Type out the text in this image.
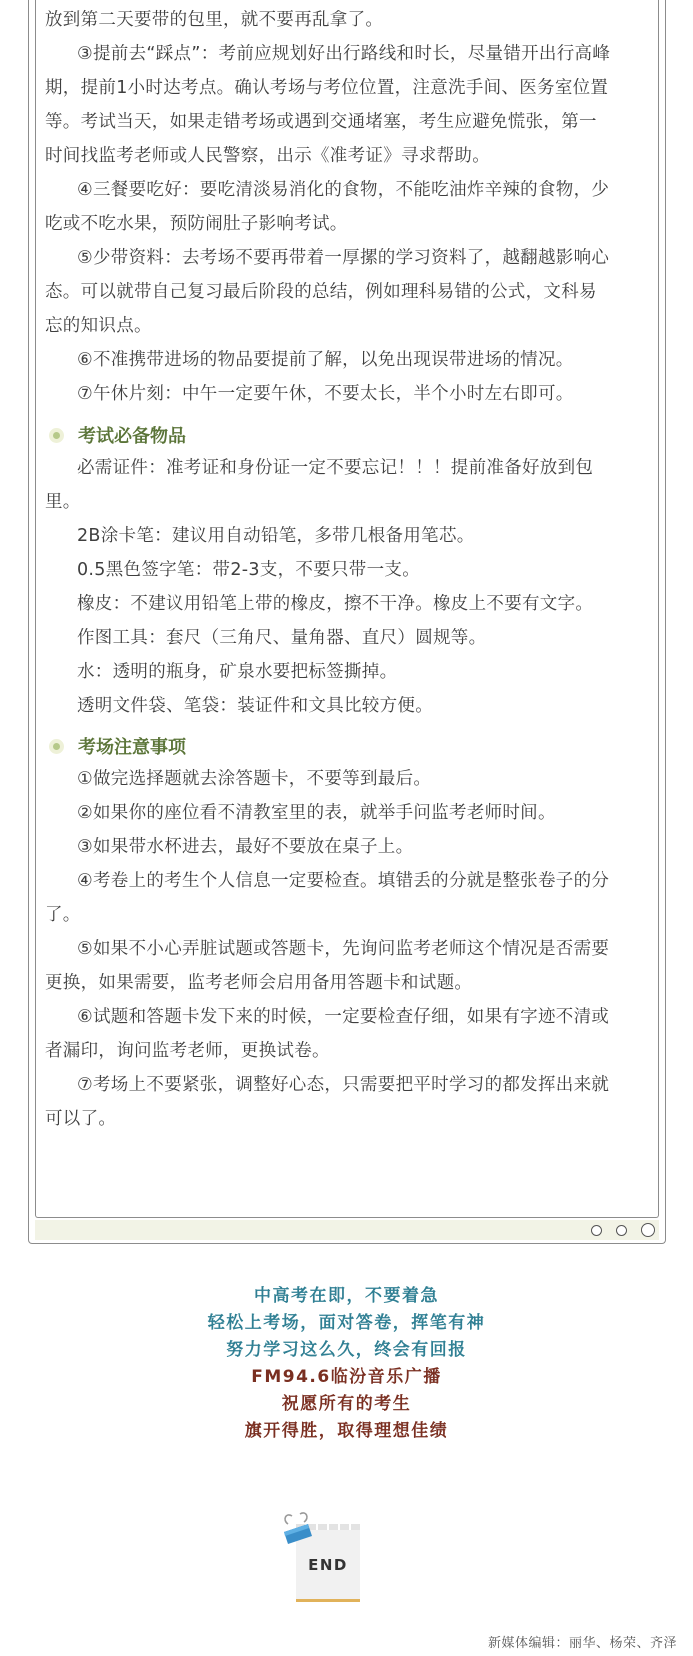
放到第二天要带的包里，就不要再乱拿了。

③提前去“踩点”：考前应规划好出行路线和时长，尽量错开出行高峰

期，提前1小时达考点。确认考场与考位位置，注意洗手间、医务室位置

等。考试当天，如果走错考场或遇到交通堵塞，考生应避免慌张，第一

时间找监考老师或人民警察，出示《准考证》寻求帮助。

④三餐要吃好：要吃清淡易消化的食物，不能吃油炸辛辣的食物，少

吃或不吃水果，预防闹肚子影响考试。

⑤少带资料：去考场不要再带着一厚摞的学习资料了，越翻越影响心

态。可以就带自己复习最后阶段的总结，例如理科易错的公式，文科易

忘的知识点。

⑥不准携带进场的物品要提前了解，以免出现误带进场的情况。

⑦午休片刻：中午一定要午休，不要太长，半个小时左右即可。

考试必备物品

必需证件：准考证和身份证一定不要忘记！！！提前准备好放到包

里。

2B涂卡笔：建议用自动铅笔，多带几根备用笔芯。

0.5黑色签字笔：带2-3支，不要只带一支。

橡皮：不建议用铅笔上带的橡皮，擦不干净。橡皮上不要有文字。

作图工具：套尺（三角尺、量角器、直尺）圆规等。

水：透明的瓶身，矿泉水要把标签撕掉。

透明文件袋、笔袋：装证件和文具比较方便。

考场注意事项

①做完选择题就去涂答题卡，不要等到最后。

②如果你的座位看不清教室里的表，就举手问监考老师时间。

③如果带水杯进去，最好不要放在桌子上。

④考卷上的考生个人信息一定要检查。填错丢的分就是整张卷子的分

了。

⑤如果不小心弄脏试题或答题卡，先询问监考老师这个情况是否需要

更换，如果需要，监考老师会启用备用答题卡和试题。

⑥试题和答题卡发下来的时候，一定要检查仔细，如果有字迹不清或

者漏印，询问监考老师，更换试卷。

⑦考场上不要紧张，调整好心态，只需要把平时学习的都发挥出来就

可以了。

中高考在即，不要着急

轻松上考场，面对答卷，挥笔有神

努力学习这么久，终会有回报

FM94.6临汾音乐广播

祝愿所有的考生

旗开得胜，取得理想佳绩

END
新媒体编辑：丽华、杨荣、齐泽
